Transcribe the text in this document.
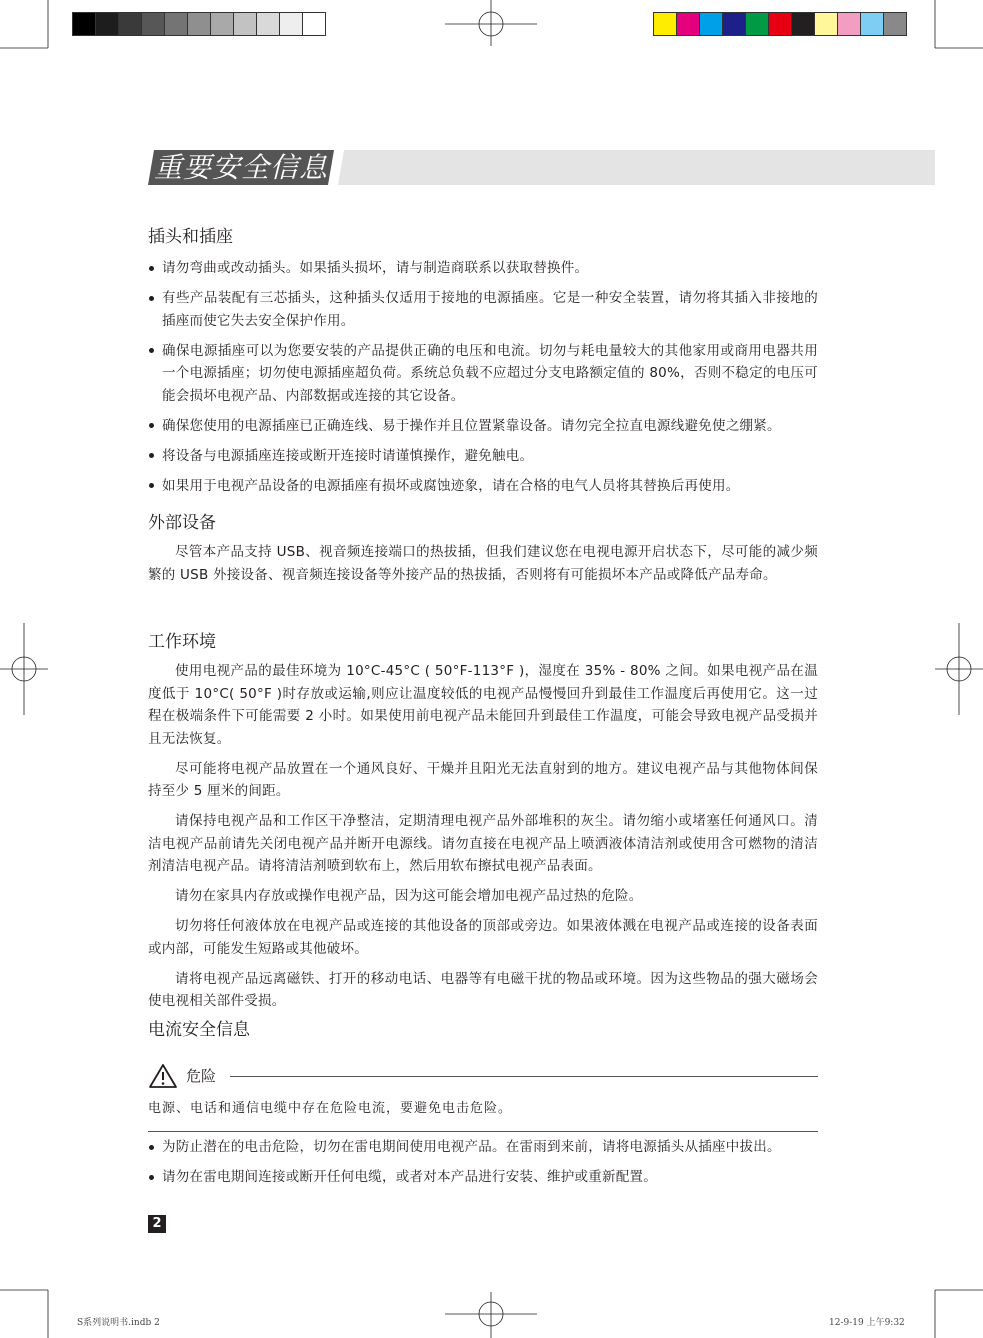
重要安全信息
插头和插座
请勿弯曲或改动插头。如果插头损坏，请与制造商联系以获取替换件。
有些产品装配有三芯插头，这种插头仅适用于接地的电源插座。它是一种安全装置，请勿将其插入非接地的插座而使它失去安全保护作用。
确保电源插座可以为您要安装的产品提供正确的电压和电流。切勿与耗电量较大的其他家用或商用电器共用一个电源插座；切勿使电源插座超负荷。系统总负载不应超过分支电路额定值的 80%，否则不稳定的电压可能会损坏电视产品、内部数据或连接的其它设备。
确保您使用的电源插座已正确连线、易于操作并且位置紧靠设备。请勿完全拉直电源线避免使之绷紧。
将设备与电源插座连接或断开连接时请谨慎操作，避免触电。
如果用于电视产品设备的电源插座有损坏或腐蚀迹象，请在合格的电气人员将其替换后再使用。
外部设备

尽管本产品支持 USB、视音频连接端口的热拔插，但我们建议您在电视电源开启状态下，尽可能的减少频繁的 USB 外接设备、视音频连接设备等外接产品的热拔插，否则将有可能损坏本产品或降低产品寿命。

工作环境

使用电视产品的最佳环境为 10°C-45°C ( 50°F-113°F )，湿度在 35% - 80% 之间。如果电视产品在温度低于 10°C( 50°F )时存放或运输,则应让温度较低的电视产品慢慢回升到最佳工作温度后再使用它。这一过程在极端条件下可能需要 2 小时。如果使用前电视产品未能回升到最佳工作温度，可能会导致电视产品受损并且无法恢复。

尽可能将电视产品放置在一个通风良好、干燥并且阳光无法直射到的地方。建议电视产品与其他物体间保持至少 5 厘米的间距。

请保持电视产品和工作区干净整洁，定期清理电视产品外部堆积的灰尘。请勿缩小或堵塞任何通风口。清洁电视产品前请先关闭电视产品并断开电源线。请勿直接在电视产品上喷洒液体清洁剂或使用含可燃物的清洁剂清洁电视产品。请将清洁剂喷到软布上，然后用软布擦拭电视产品表面。

请勿在家具内存放或操作电视产品，因为这可能会增加电视产品过热的危险。

切勿将任何液体放在电视产品或连接的其他设备的顶部或旁边。如果液体溅在电视产品或连接的设备表面或内部，可能发生短路或其他破坏。

请将电视产品远离磁铁、打开的移动电话、电器等有电磁干扰的物品或环境。因为这些物品的强大磁场会使电视相关部件受损。

电流安全信息
危险
电源、电话和通信电缆中存在危险电流，要避免电击危险。
为防止潜在的电击危险，切勿在雷电期间使用电视产品。在雷雨到来前，请将电源插头从插座中拔出。
请勿在雷电期间连接或断开任何电缆，或者对本产品进行安装、维护或重新配置。
2
S系列说明书.indb 2	12-9-19 上午9:32
